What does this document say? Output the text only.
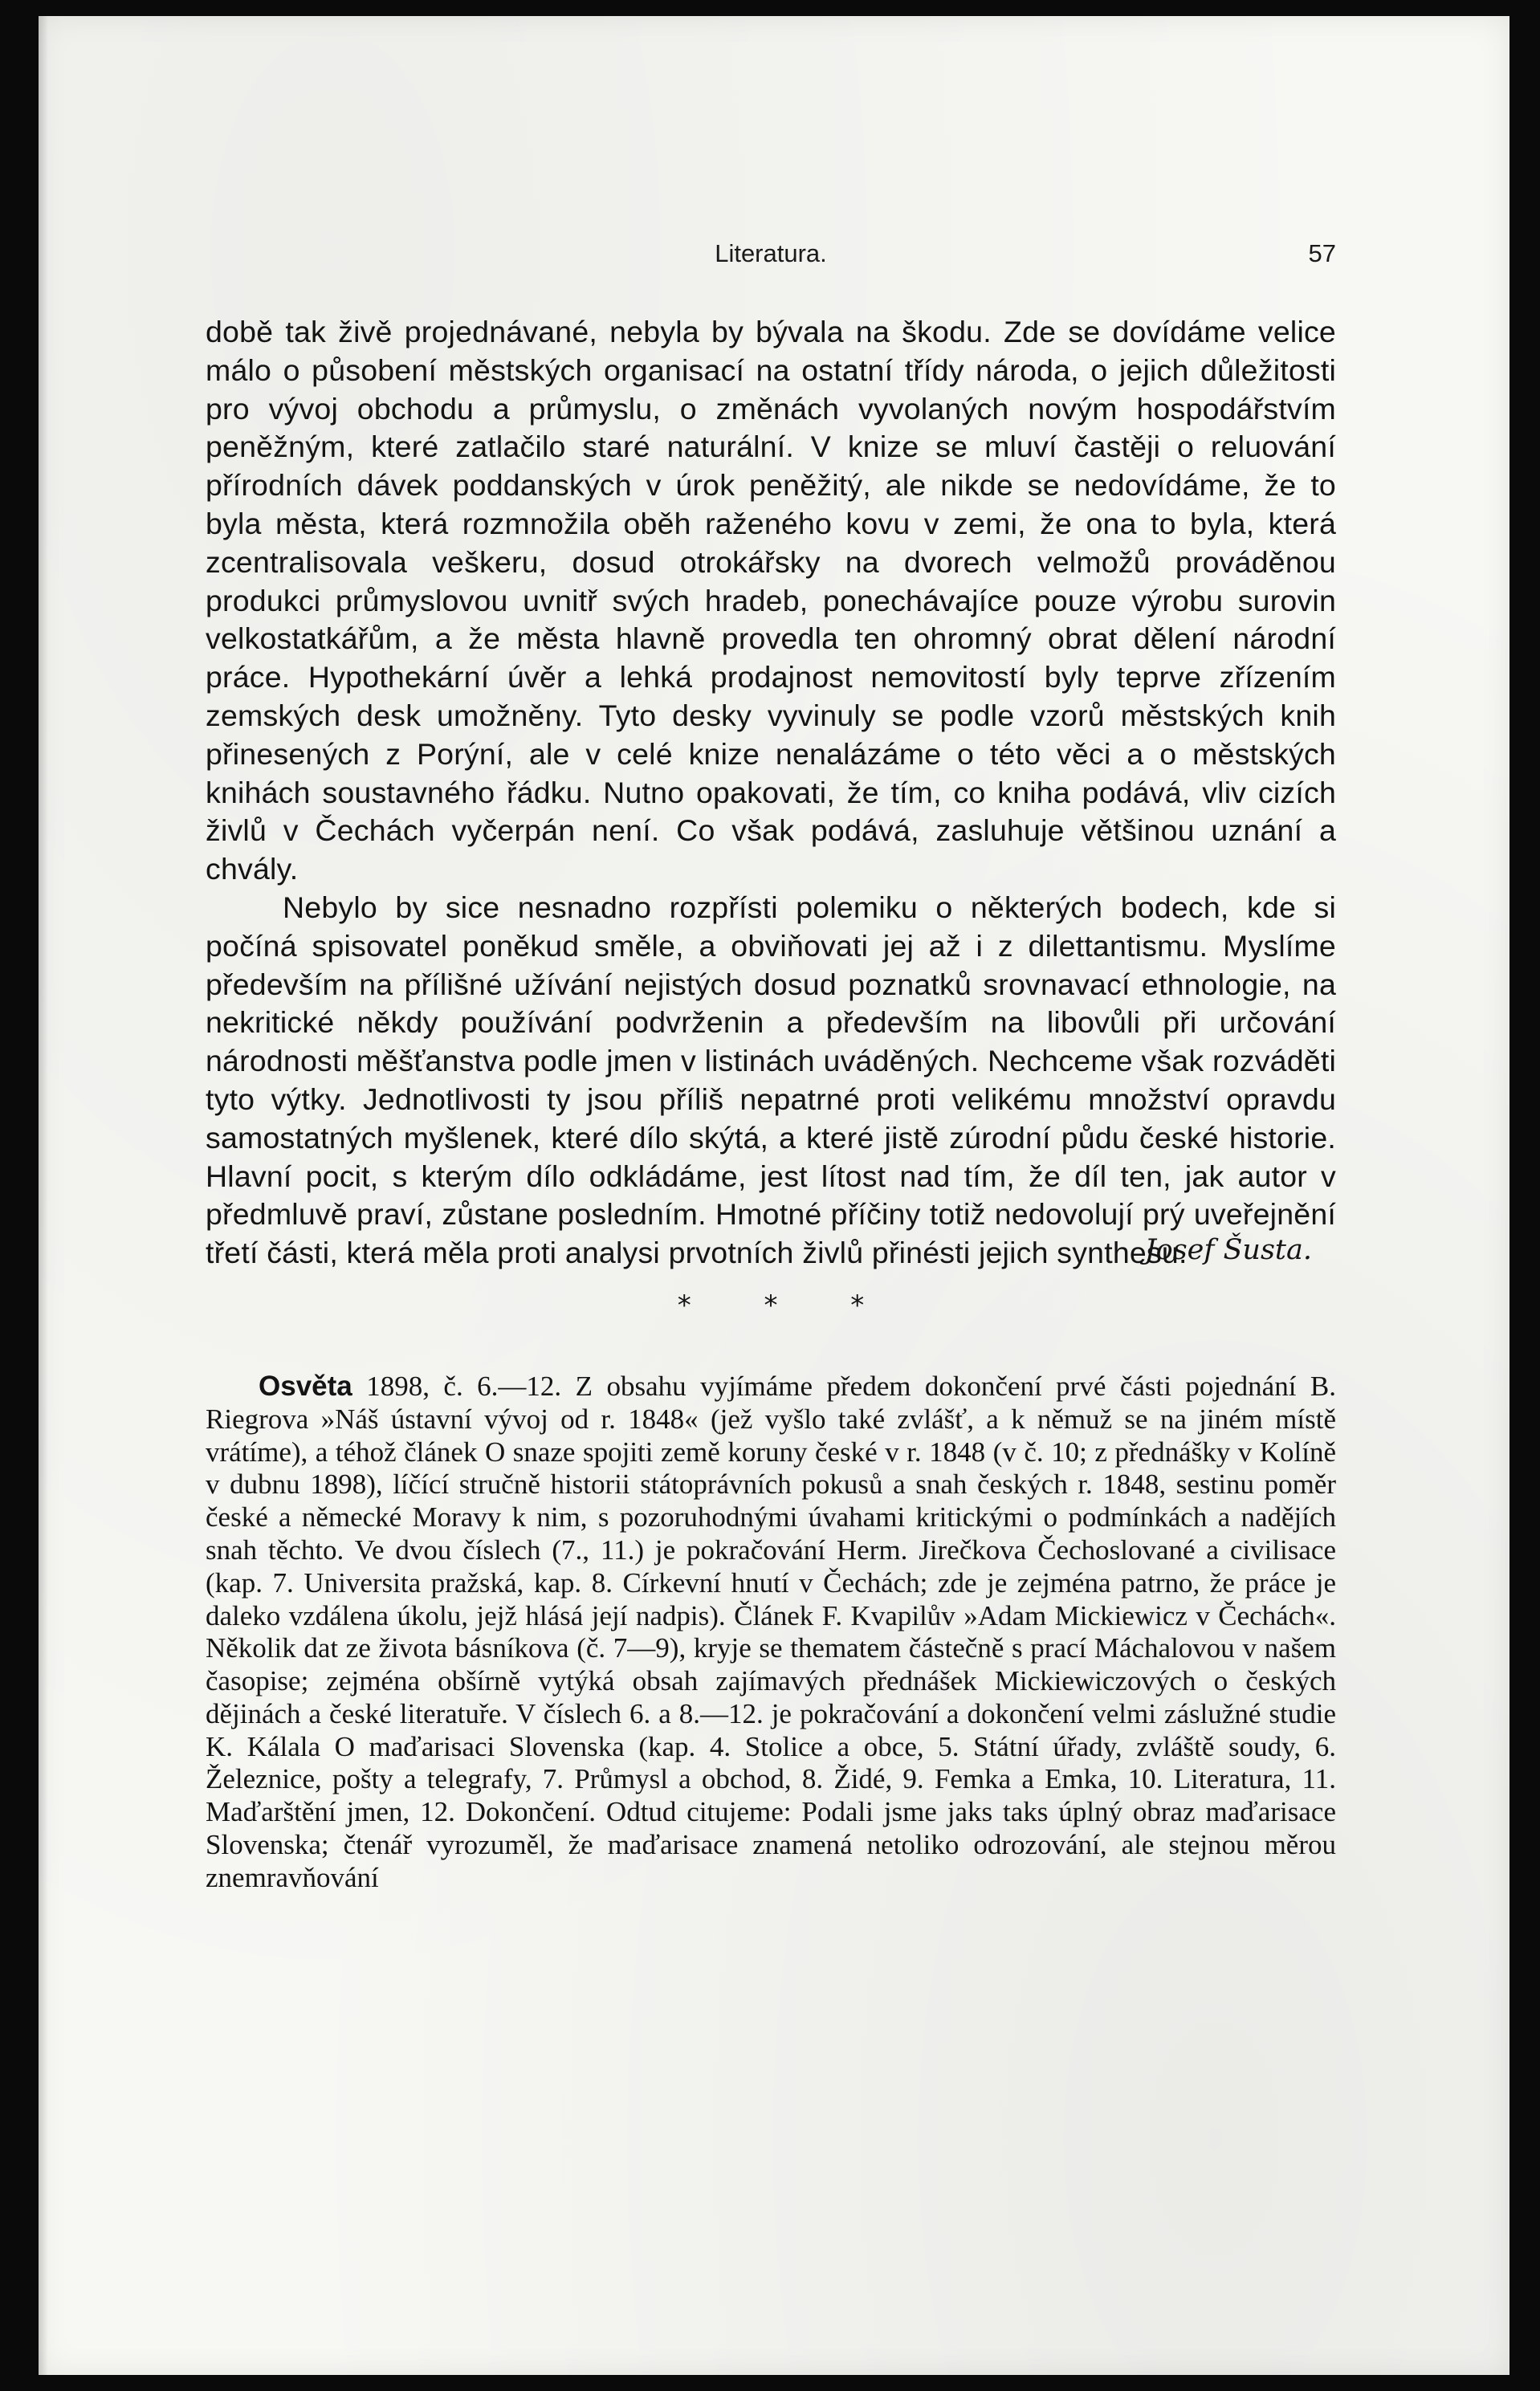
Literatura.	57

době tak živě projednávané, nebyla by bývala na škodu. Zde se dovídáme velice málo o působení městských organisací na ostatní třídy národa, o jejich důležitosti pro vývoj obchodu a průmyslu, o změnách vyvolaných novým hospodářstvím peněžným, které zatlačilo staré naturální. V knize se mluví častěji o reluování přírodních dávek poddanských v úrok peněžitý, ale nikde se nedovídáme, že to byla města, která rozmnožila oběh raženého kovu v zemi, že ona to byla, která zcentralisovala veškeru, dosud otrokářsky na dvorech velmožů prováděnou produkci průmyslovou uvnitř svých hradeb, ponechávajíce pouze výrobu surovin velkostatkářům, a že města hlavně provedla ten ohromný obrat dělení národní práce. Hypothekární úvěr a lehká prodajnost nemovitostí byly teprve zřízením zemských desk umožněny. Tyto desky vyvinuly se podle vzorů městských knih přinesených z Porýní, ale v celé knize nenalázáme o této věci a o městských knihách soustavného řádku. Nutno opakovati, že tím, co kniha podává, vliv cizích živlů v Čechách vyčerpán není. Co však podává, zasluhuje většinou uznání a chvály.

Nebylo by sice nesnadno rozpřísti polemiku o některých bodech, kde si počíná spisovatel poněkud směle, a obviňovati jej až i z dilettantismu. Myslíme především na přílišné užívání nejistých dosud poznatků srovnavací ethnologie, na nekritické někdy používání podvrženin a především na libovůli při určování národnosti měšťanstva podle jmen v listinách uváděných. Nechceme však rozváděti tyto výtky. Jednotlivosti ty jsou příliš nepatrné proti velikému množství opravdu samostatných myšlenek, které dílo skýtá, a které jistě zúrodní půdu české historie. Hlavní pocit, s kterým dílo odkládáme, jest lítost nad tím, že díl ten, jak autor v předmluvě praví, zůstane posledním. Hmotné příčiny totiž nedovolují prý uveřejnění třetí části, která měla proti analysi prvotních živlů přinésti jejich synthesu.

Josef Šusta.
* * *

Osvěta 1898, č. 6.—12. Z obsahu vyjímáme předem dokončení prvé části pojednání B. Riegrova »Náš ústavní vývoj od r. 1848« (jež vyšlo také zvlášť, a k němuž se na jiném místě vrátíme), a téhož článek O snaze spojiti země koruny české v r. 1848 (v č. 10; z přednášky v Kolíně v dubnu 1898), líčící stručně historii státoprávních pokusů a snah českých r. 1848, sestinu poměr české a německé Moravy k nim, s pozoruhodnými úvahami kritickými o podmínkách a nadějích snah těchto. Ve dvou číslech (7., 11.) je pokračování Herm. Jirečkova Čechoslované a civilisace (kap. 7. Universita pražská, kap. 8. Církevní hnutí v Čechách; zde je zejména patrno, že práce je daleko vzdálena úkolu, jejž hlásá její nadpis). Článek F. Kvapilův »Adam Mickiewicz v Čechách«. Několik dat ze života básníkova (č. 7—9), kryje se thematem částečně s prací Máchalovou v našem časopise; zejména obšírně vytýká obsah zajímavých přednášek Mickiewiczových o českých dějinách a české literatuře. V číslech 6. a 8.—12. je pokračování a dokončení velmi záslužné studie K. Kálala O maďarisaci Slovenska (kap. 4. Stolice a obce, 5. Státní úřady, zvláště soudy, 6. Železnice, pošty a telegrafy, 7. Průmysl a obchod, 8. Židé, 9. Femka a Emka, 10. Literatura, 11. Maďarštění jmen, 12. Dokončení. Odtud citujeme: Podali jsme jaks taks úplný obraz maďarisace Slovenska; čtenář vyrozuměl, že maďarisace znamená netoliko odrozování, ale stejnou měrou znemravňování
